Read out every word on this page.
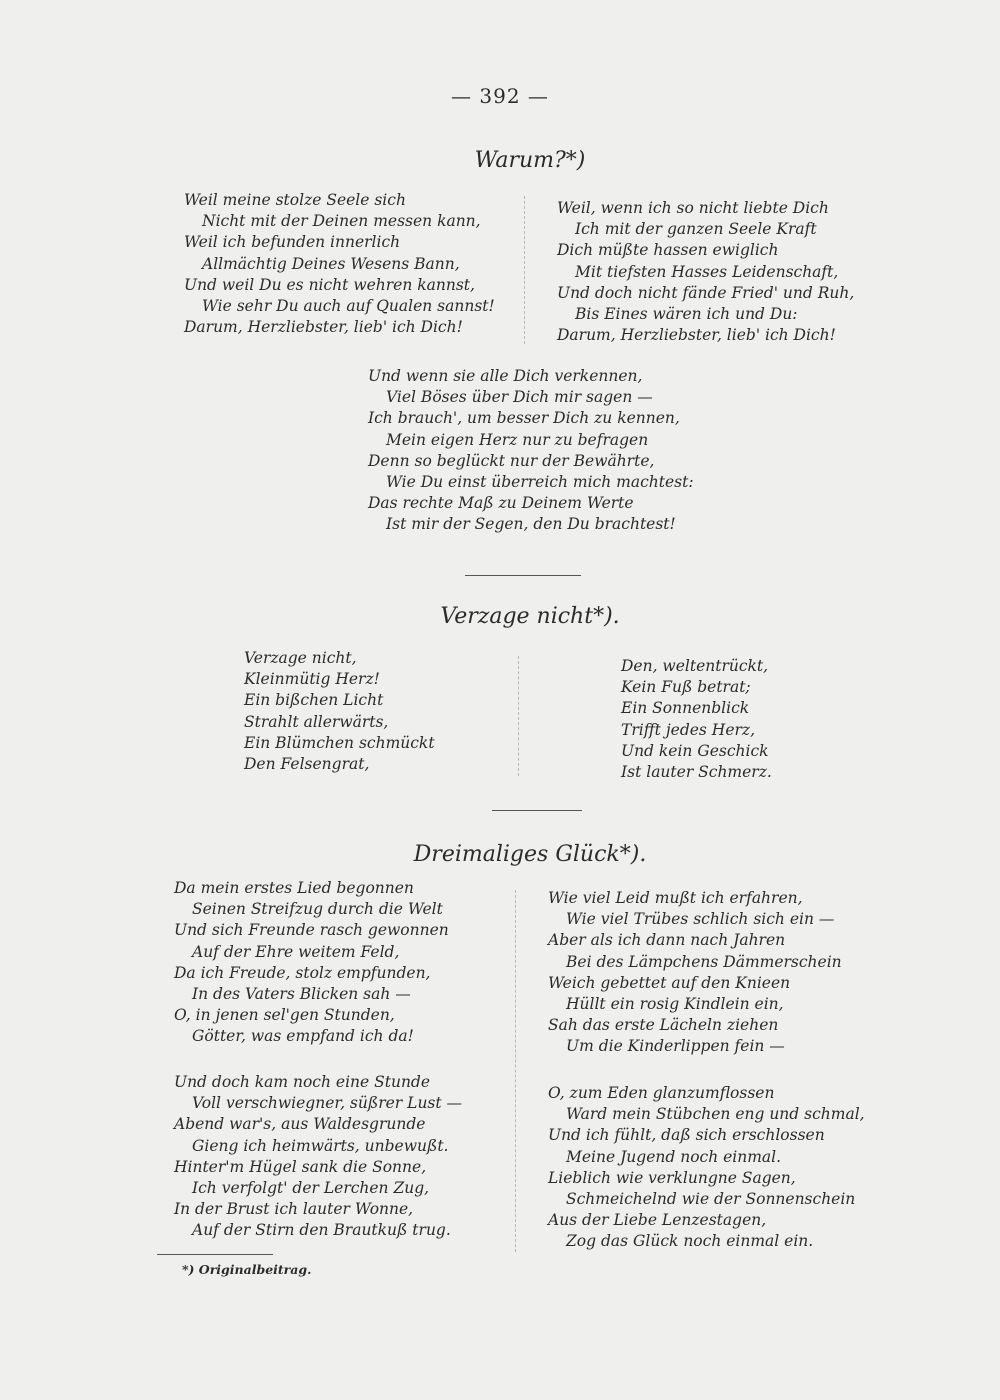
— 392 —
Warum?*)
Weil meine stolze Seele sich
Nicht mit der Deinen messen kann,
Weil ich befunden innerlich
Allmächtig Deines Wesens Bann,
Und weil Du es nicht wehren kannst,
Wie sehr Du auch auf Qualen sannst!
Darum, Herzliebster, lieb' ich Dich!
Weil, wenn ich so nicht liebte Dich
Ich mit der ganzen Seele Kraft
Dich müßte hassen ewiglich
Mit tiefsten Hasses Leidenschaft,
Und doch nicht fände Fried' und Ruh,
Bis Eines wären ich und Du:
Darum, Herzliebster, lieb' ich Dich!
Und wenn sie alle Dich verkennen,
Viel Böses über Dich mir sagen —
Ich brauch', um besser Dich zu kennen,
Mein eigen Herz nur zu befragen
Denn so beglückt nur der Bewährte,
Wie Du einst überreich mich machtest:
Das rechte Maß zu Deinem Werte
Ist mir der Segen, den Du brachtest!
Verzage nicht*).
Verzage nicht,
Kleinmütig Herz!
Ein bißchen Licht
Strahlt allerwärts,
Ein Blümchen schmückt
Den Felsengrat,
Den, weltentrückt,
Kein Fuß betrat;
Ein Sonnenblick
Trifft jedes Herz,
Und kein Geschick
Ist lauter Schmerz.
Dreimaliges Glück*).
Da mein erstes Lied begonnen
Seinen Streifzug durch die Welt
Und sich Freunde rasch gewonnen
Auf der Ehre weitem Feld,
Da ich Freude, stolz empfunden,
In des Vaters Blicken sah —
O, in jenen sel'gen Stunden,
Götter, was empfand ich da!
Und doch kam noch eine Stunde
Voll verschwiegner, süßrer Lust —
Abend war's, aus Waldesgrunde
Gieng ich heimwärts, unbewußt.
Hinter'm Hügel sank die Sonne,
Ich verfolgt' der Lerchen Zug,
In der Brust ich lauter Wonne,
Auf der Stirn den Brautkuß trug.
Wie viel Leid mußt ich erfahren,
Wie viel Trübes schlich sich ein —
Aber als ich dann nach Jahren
Bei des Lämpchens Dämmerschein
Weich gebettet auf den Knieen
Hüllt ein rosig Kindlein ein,
Sah das erste Lächeln ziehen
Um die Kinderlippen fein —
O, zum Eden glanzumflossen
Ward mein Stübchen eng und schmal,
Und ich fühlt, daß sich erschlossen
Meine Jugend noch einmal.
Lieblich wie verklungne Sagen,
Schmeichelnd wie der Sonnenschein
Aus der Liebe Lenzestagen,
Zog das Glück noch einmal ein.
*) Originalbeitrag.
